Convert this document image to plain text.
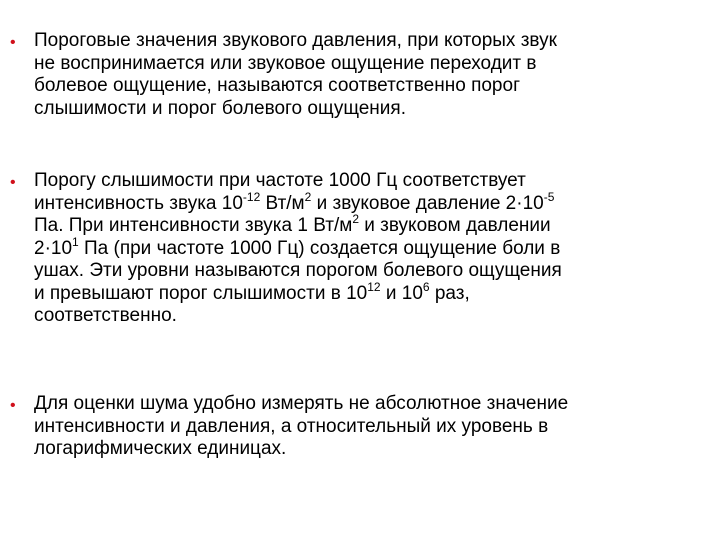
• Пороговые значения звукового давления, при которых звук
не воспринимается или звуковое ощущение переходит в
болевое ощущение, называются соответственно порог
слышимости и порог болевого ощущения.
• Порогу слышимости при частоте 1000 Гц соответствует
интенсивность звука $10^{-12}$ $Вт/м^2$ и звуковое давление $2\cdot 10^{-5}$
Па. При интенсивности звука 1 $Вт/м^2$ и звуковом давлении
$2\cdot 10^1$ Па (при частоте 1000 Гц) создается ощущение боли в
ушах. Эти уровни называются порогом болевого ощущения
и превышают порог слышимости в $10^{12}$ и $10^6$ раз,
соответственно.
• Для оценки шума удобно измерять не абсолютное значение
интенсивности и давления, а относительный их уровень в
логарифмических единицах.
